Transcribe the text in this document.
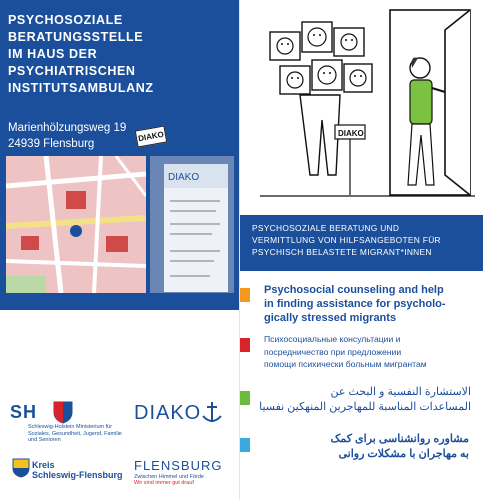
PSYCHOSOZIALE
BERATUNGSSTELLE
IM HAUS DER
PSYCHIATRISCHEN
INSTITUTSAMBULANZ
Marienhölzungsweg 19
24939 Flensburg
DIAKO
DIAKO
IMPRESSUM
Herausgeberin: Stadt Flensburg | Die Oberbürgermeisterin | Stabsstelle Integration
Redaktion:	Stabsstelle Integration | Katja Jüngling
Gestaltung & Druck:
Stadt Flensburg
Illustrationen:	Svenja Mix
Stadtplan:	© TBZ-Vermessung
Stand:	2020
SH
Schleswig-Holstein Ministerium für Soziales, Gesundheit, Jugend, Familie und Senioren
DIAKO
Kreis
Schleswig-Flensburg
FLENSBURG
Zwischen Himmel und Förde
Wir sind immer gut drauf
DIAKO
PSYCHOSOZIALE BERATUNG UND
VERMITTLUNG VON HILFSANGEBOTEN FÜR
PSYCHISCH BELASTETE MIGRANT*INNEN
Psychosocial counseling and help
in finding assistance for psycholo-
gically stressed migrants
Психосоциальные консультации и
посредничество при предложении
помощи психически больным мигрантам
الاستشارة النفسية و البحث عن
المساعدات المناسبة للمهاجرين المنهكين نفسيا
مشاوره روانشناسی برای کمک
به مهاجران با مشکلات روانی
